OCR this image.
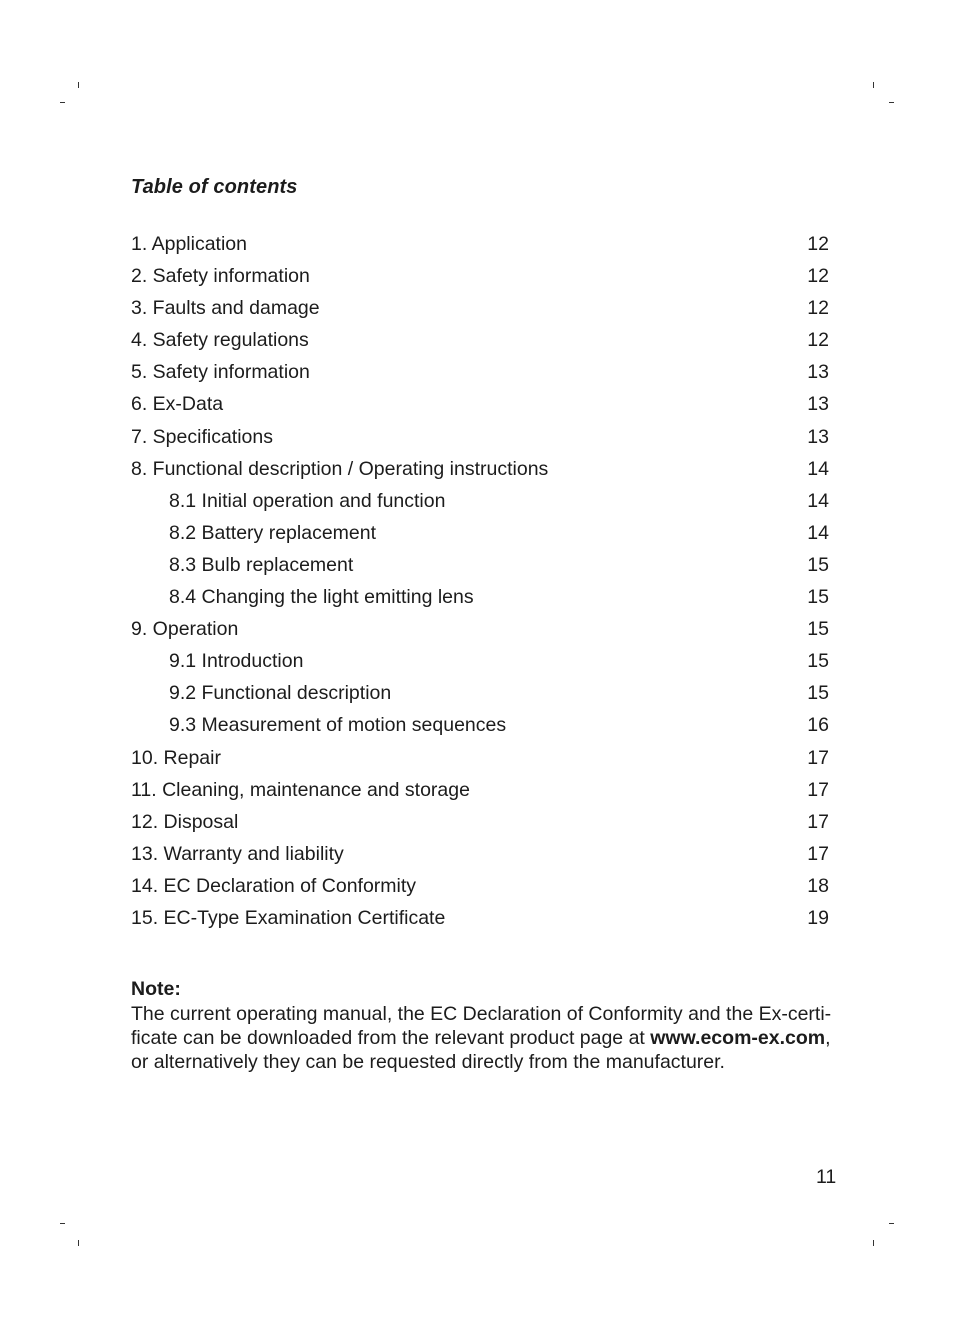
Table of contents
1. Application	12
2. Safety information	12
3. Faults and damage	12
4. Safety regulations	12
5. Safety information	13
6. Ex-Data	13
7. Specifications	13
8. Functional description / Operating instructions	14
8.1 Initial operation and function	14
8.2 Battery replacement	14
8.3 Bulb replacement	15
8.4 Changing the light emitting lens	15
9. Operation	15
9.1 Introduction	15
9.2 Functional description	15
9.3 Measurement of motion sequences	16
10. Repair	17
11. Cleaning, maintenance and storage	17
12. Disposal	17
13. Warranty and liability	17
14. EC Declaration of Conformity	18
15. EC-Type Examination Certificate	19
Note:
The current operating manual, the EC Declaration of Conformity and the Ex-certi-
ficate can be downloaded from the relevant product page at www.ecom-ex.com,
or alternatively they can be requested directly from the manufacturer.
11
